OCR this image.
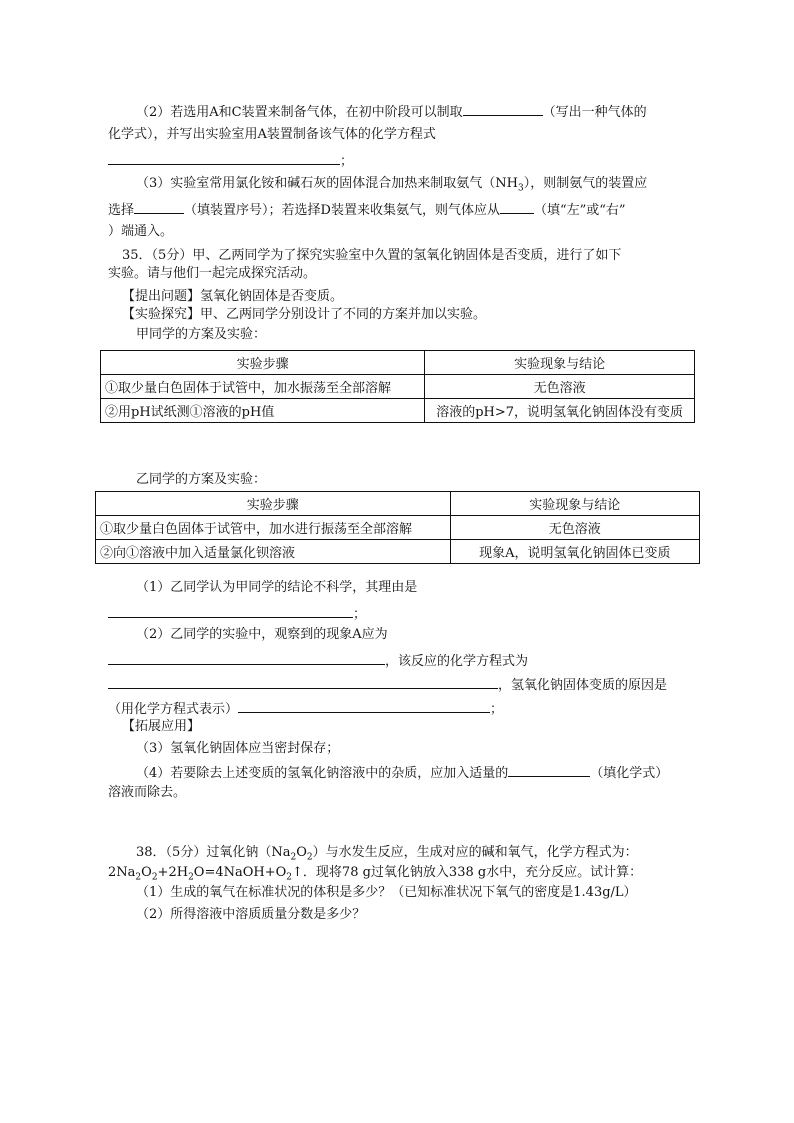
（2）若选用A和C装置来制备气体，在初中阶段可以制取	（写出一种气体的
化学式），并写出实验室用A装置制备该气体的化学方程式
；
（3）实验室常用氯化铵和碱石灰的固体混合加热来制取氨气$(NH_3)$，则制氨气的装置应
选择	（填装置序号）；若选择D装置来收集氨气，则气体应从	（填“左”或“右”
）端通入。
35．（5分）甲、乙两同学为了探究实验室中久置的氢氧化钠固体是否变质，进行了如下
实验。请与他们一起完成探究活动。
【提出问题】氢氧化钠固体是否变质。
【实验探究】甲、乙两同学分别设计了不同的方案并加以实验。
甲同学的方案及实验：
实验步骤	实验现象与结论
①取少量白色固体于试管中，加水振荡至全部溶解	无色溶液
②用pH试纸测①溶液的pH值	溶液的pH>7，说明氢氧化钠固体没有变质
乙同学的方案及实验：
实验步骤	实验现象与结论
①取少量白色固体于试管中，加水进行振荡至全部溶解	无色溶液
②向①溶液中加入适量氯化钡溶液	现象A，说明氢氧化钠固体已变质
（1）乙同学认为甲同学的结论不科学，其理由是
；
（2）乙同学的实验中，观察到的现象A应为
，该反应的化学方程式为
，氢氧化钠固体变质的原因是
（用化学方程式表示）	；
【拓展应用】
（3）氢氧化钠固体应当密封保存；
（4）若要除去上述变质的氢氧化钠溶液中的杂质，应加入适量的	（填化学式）
溶液而除去。
38．（5分）过氧化钠$(Na_2O_2)$与水发生反应，生成对应的碱和氧气，化学方程式为：
$2Na_2O_2+2H_2O=4NaOH+O_2↑$．现将78 g过氧化钠放入338 g水中，充分反应。试计算：
（1）生成的氧气在标准状况的体积是多少？（已知标准状况下氧气的密度是1.43g/L）
（2）所得溶液中溶质质量分数是多少？
